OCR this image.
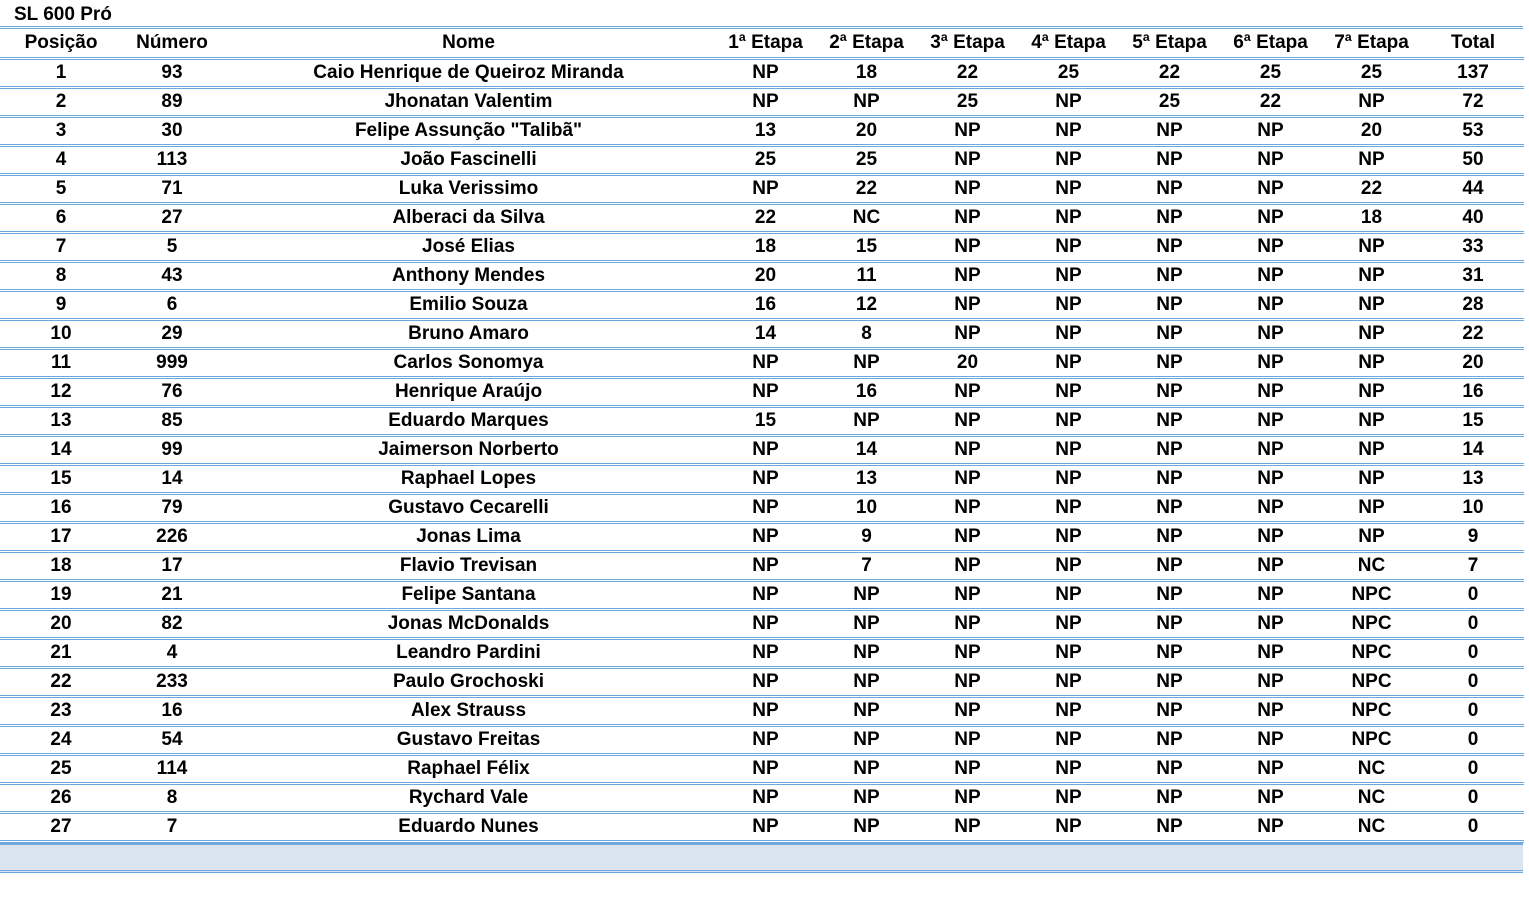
SL 600 Pró
Posição	Número	Nome	1ª Etapa	2ª Etapa	3ª Etapa	4ª Etapa	5ª Etapa	6ª Etapa	7ª Etapa	Total
1	93	Caio Henrique de Queiroz Miranda	NP	18	22	25	22	25	25	137
2	89	Jhonatan Valentim	NP	NP	25	NP	25	22	NP	72
3	30	Felipe Assunção "Talibã"	13	20	NP	NP	NP	NP	20	53
4	113	João Fascinelli	25	25	NP	NP	NP	NP	NP	50
5	71	Luka Verissimo	NP	22	NP	NP	NP	NP	22	44
6	27	Alberaci da Silva	22	NC	NP	NP	NP	NP	18	40
7	5	José Elias	18	15	NP	NP	NP	NP	NP	33
8	43	Anthony Mendes	20	11	NP	NP	NP	NP	NP	31
9	6	Emilio Souza	16	12	NP	NP	NP	NP	NP	28
10	29	Bruno Amaro	14	8	NP	NP	NP	NP	NP	22
11	999	Carlos Sonomya	NP	NP	20	NP	NP	NP	NP	20
12	76	Henrique Araújo	NP	16	NP	NP	NP	NP	NP	16
13	85	Eduardo Marques	15	NP	NP	NP	NP	NP	NP	15
14	99	Jaimerson Norberto	NP	14	NP	NP	NP	NP	NP	14
15	14	Raphael Lopes	NP	13	NP	NP	NP	NP	NP	13
16	79	Gustavo Cecarelli	NP	10	NP	NP	NP	NP	NP	10
17	226	Jonas Lima	NP	9	NP	NP	NP	NP	NP	9
18	17	Flavio Trevisan	NP	7	NP	NP	NP	NP	NC	7
19	21	Felipe Santana	NP	NP	NP	NP	NP	NP	NPC	0
20	82	Jonas McDonalds	NP	NP	NP	NP	NP	NP	NPC	0
21	4	Leandro Pardini	NP	NP	NP	NP	NP	NP	NPC	0
22	233	Paulo Grochoski	NP	NP	NP	NP	NP	NP	NPC	0
23	16	Alex Strauss	NP	NP	NP	NP	NP	NP	NPC	0
24	54	Gustavo Freitas	NP	NP	NP	NP	NP	NP	NPC	0
25	114	Raphael Félix	NP	NP	NP	NP	NP	NP	NC	0
26	8	Rychard Vale	NP	NP	NP	NP	NP	NP	NC	0
27	7	Eduardo Nunes	NP	NP	NP	NP	NP	NP	NC	0
